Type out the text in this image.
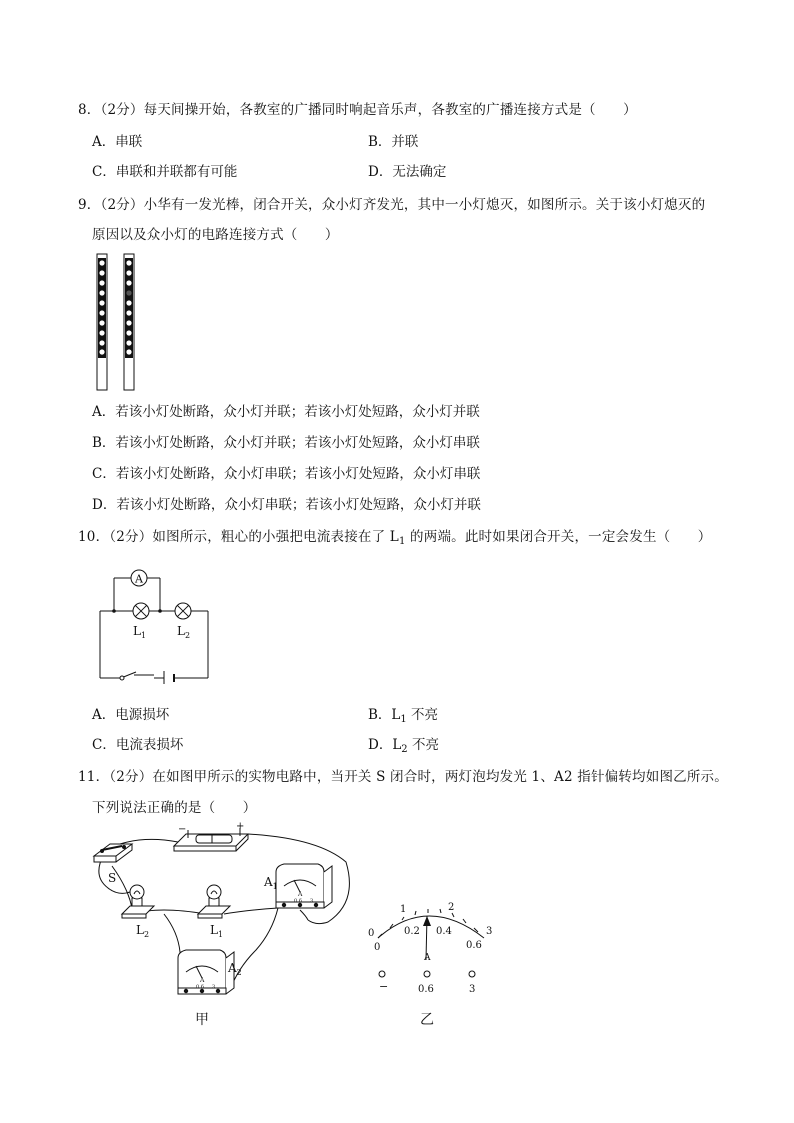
8．（2分）每天间操开始，各教室的广播同时响起音乐声，各教室的广播连接方式是（　　）
A．串联	B．并联
C．串联和并联都有可能	D．无法确定
9．（2分）小华有一发光棒，闭合开关，众小灯齐发光，其中一小灯熄灭，如图所示。关于该小灯熄灭的
原因以及众小灯的电路连接方式（　　）
A．若该小灯处断路，众小灯并联；若该小灯处短路，众小灯并联
B．若该小灯处断路，众小灯并联；若该小灯处短路，众小灯串联
C．若该小灯处断路，众小灯串联；若该小灯处短路，众小灯串联
D．若该小灯处断路，众小灯串联；若该小灯处短路，众小灯并联
10．（2分）如图所示，粗心的小强把电流表接在了 $L_1$ 的两端。此时如果闭合开关，一定会发生（　　）
A
$L_1$	$L_2$
A．电源损坏	B．$L_1$ 不亮
C．电流表损坏	D．$L_2$ 不亮
11．（2分）在如图甲所示的实物电路中，当开关 S 闭合时，两灯泡均发光 1、A2 指针偏转均如图乙所示。
下列说法正确的是（　　）
S
−	+
$L_2$	$L_1$
A
0.6 3
$A_1$
A
0.6 3
$A_2$
甲
0
1	2
3
0
0.2 0.4
0.6
A
−	0.6	3
乙
